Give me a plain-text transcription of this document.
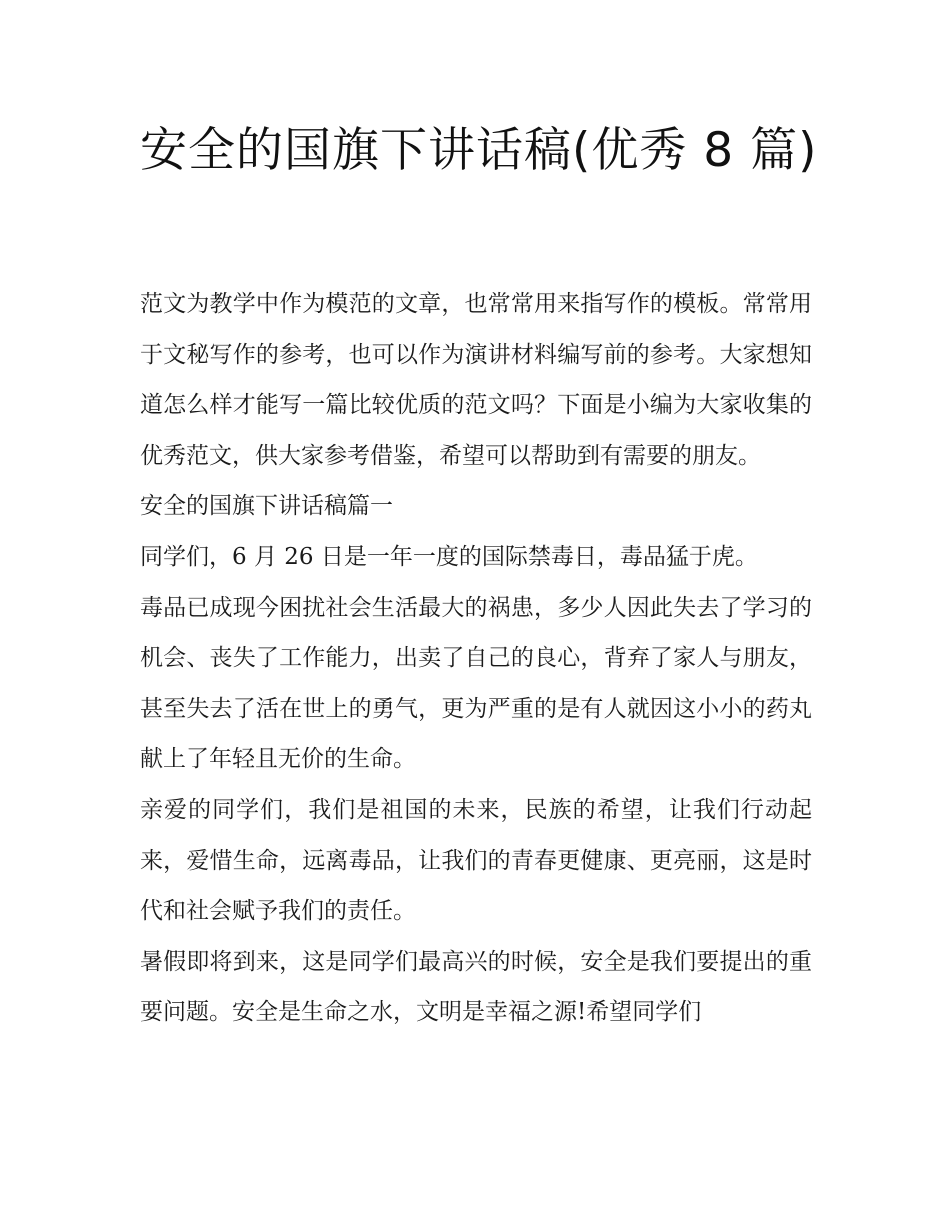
安全的国旗下讲话稿(优秀 8 篇)

范文为教学中作为模范的文章，也常常用来指写作的模板。常常用于文秘写作的参考，也可以作为演讲材料编写前的参考。大家想知道怎么样才能写一篇比较优质的范文吗？下面是小编为大家收集的优秀范文，供大家参考借鉴，希望可以帮助到有需要的朋友。

安全的国旗下讲话稿篇一

同学们，6 月 26 日是一年一度的国际禁毒日，毒品猛于虎。

毒品已成现今困扰社会生活最大的祸患，多少人因此失去了学习的机会、丧失了工作能力，出卖了自己的良心，背弃了家人与朋友，甚至失去了活在世上的勇气，更为严重的是有人就因这小小的药丸献上了年轻且无价的生命。

亲爱的同学们，我们是祖国的未来，民族的希望，让我们行动起来，爱惜生命，远离毒品，让我们的青春更健康、更亮丽，这是时代和社会赋予我们的责任。

暑假即将到来，这是同学们最高兴的时候，安全是我们要提出的重要问题。安全是生命之水，文明是幸福之源!希望同学们
